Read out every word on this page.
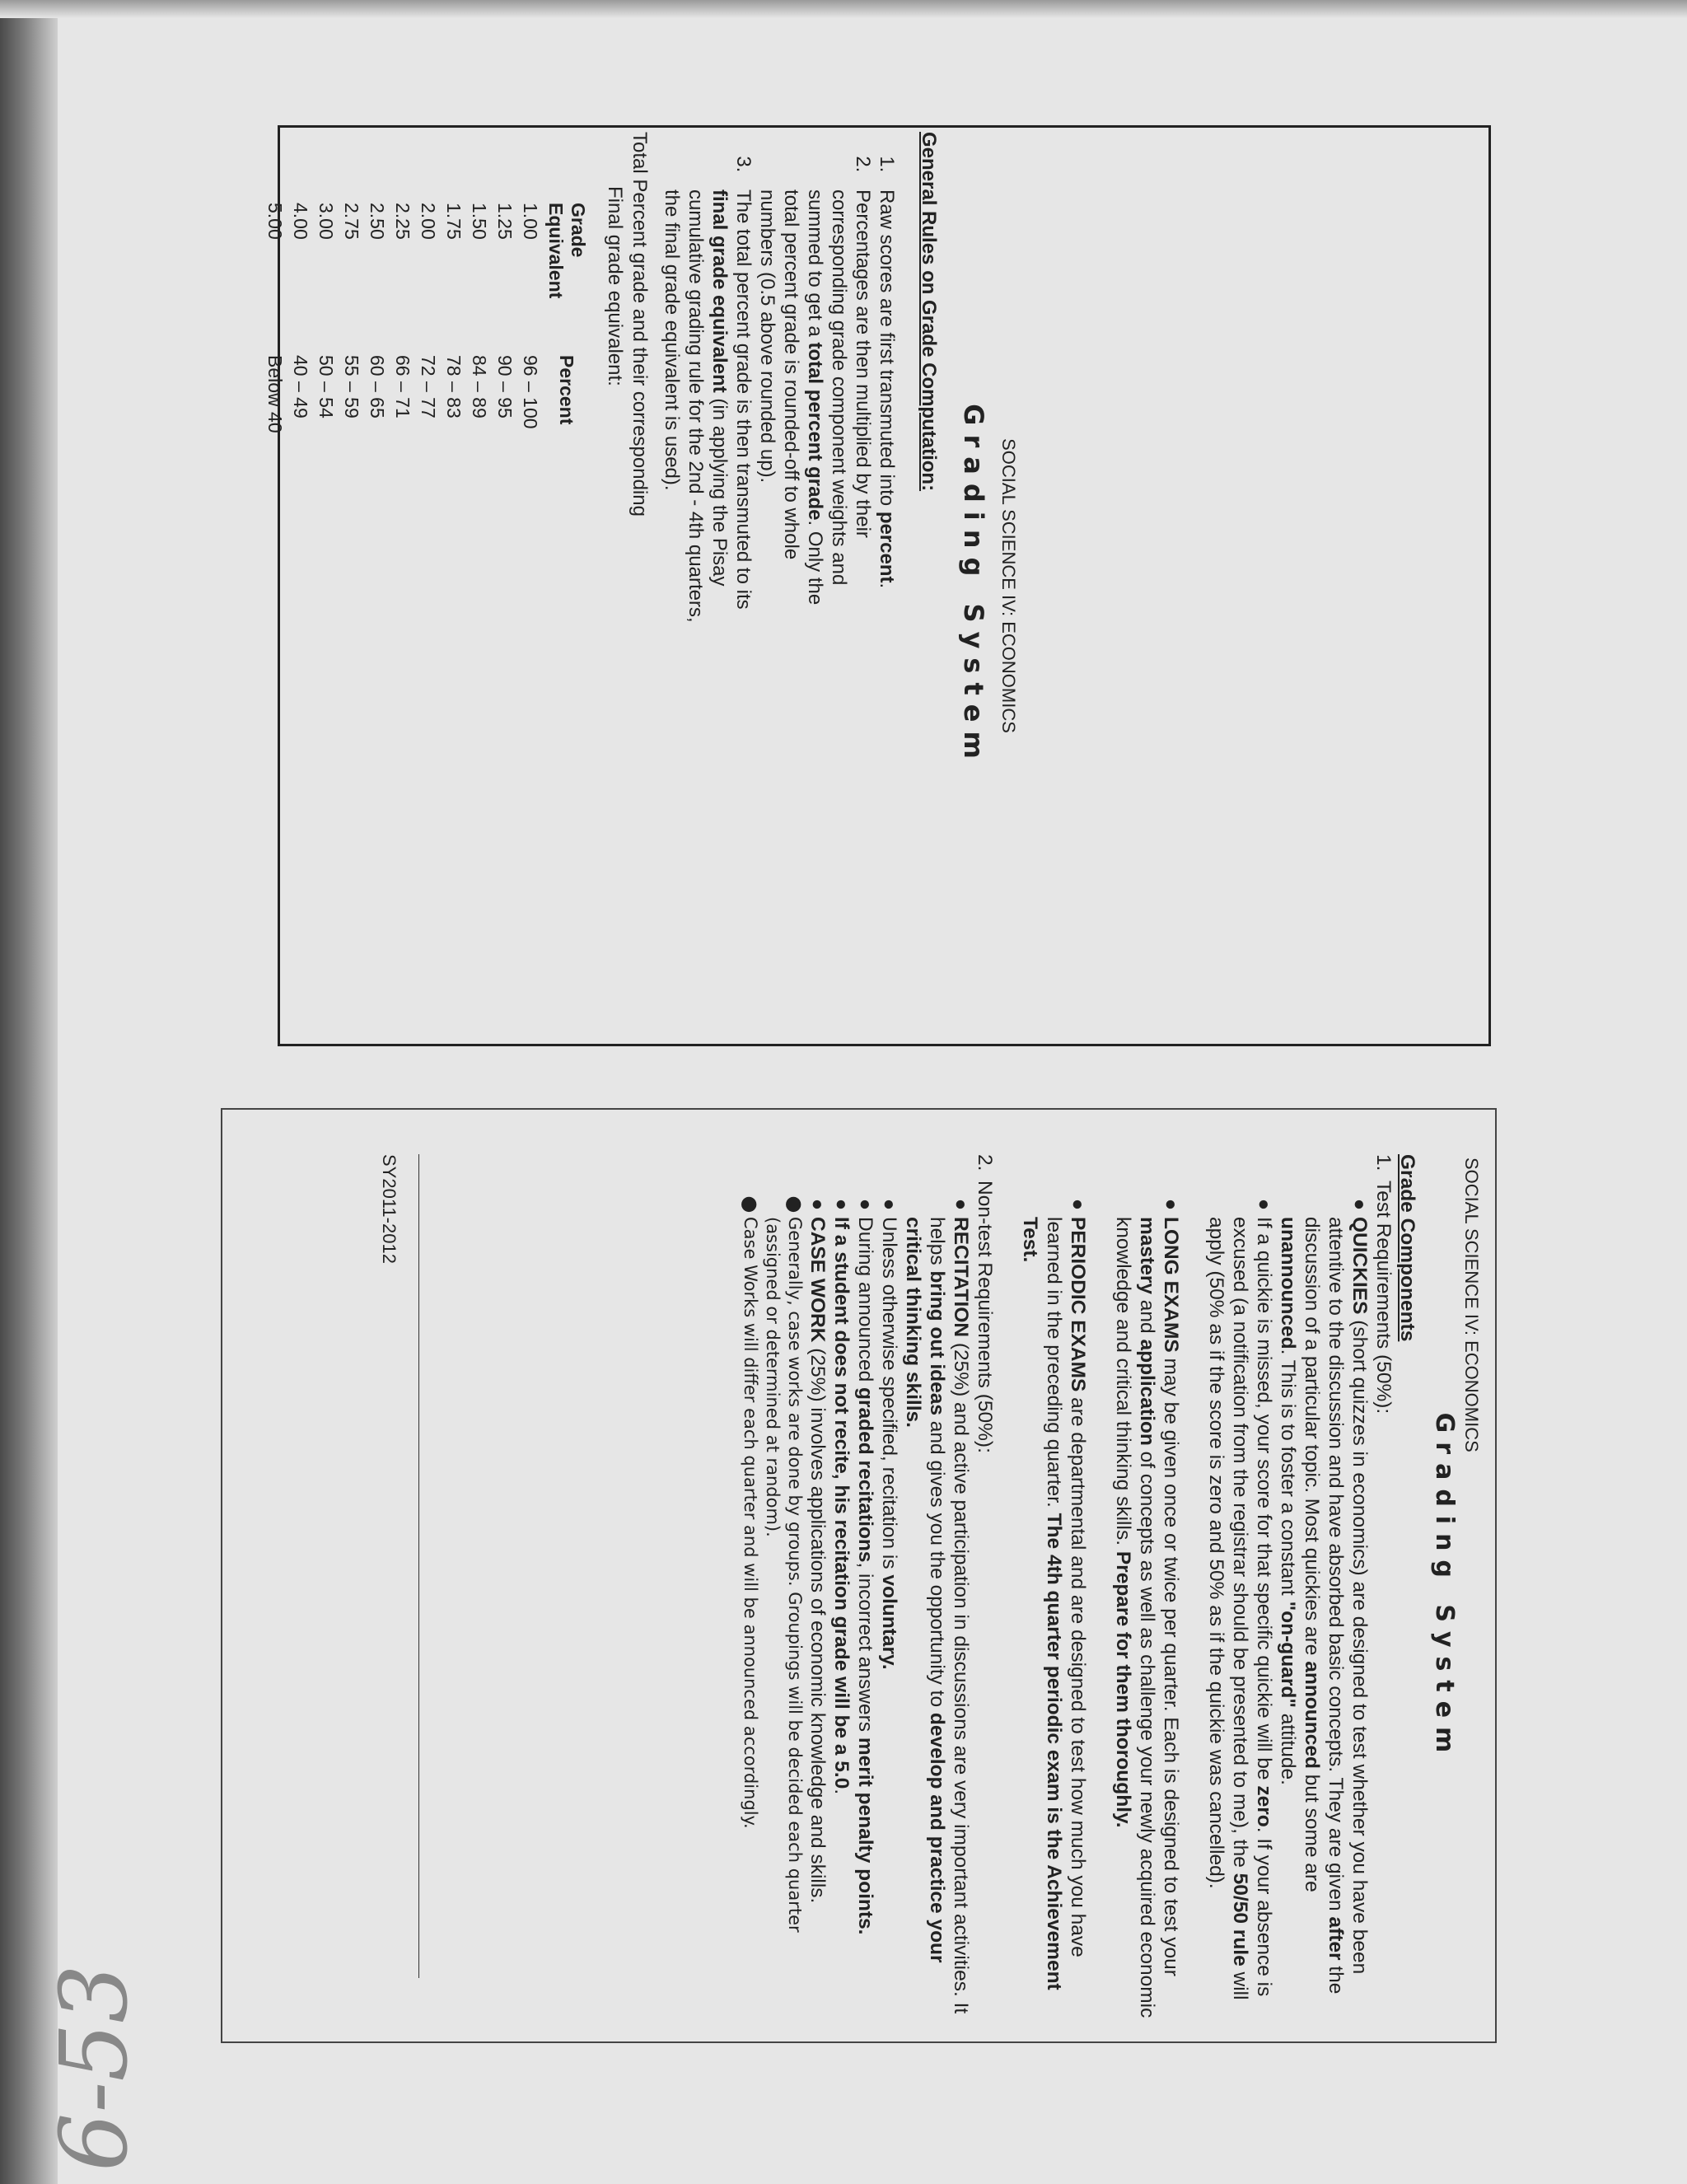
6-53
SOCIAL SCIENCE IV: ECONOMICS
Grading System
General Rules on Grade Computation:
1. Raw scores are first transmuted into percent.
2. Percentages are then multiplied by their corresponding grade component weights and summed to get a total percent grade. Only the total percent grade is rounded-off to whole numbers (0.5 above rounded up).
3. The total percent grade is then transmuted to its final grade equivalent (in applying the Pisay cumulative grading rule for the 2nd - 4th quarters, the final grade equivalent is used).
Total Percent grade and their corresponding
Final grade equivalent:
Grade Equivalent	Percent
1.00	96 – 100
1.25	90 – 95
1.50	84 – 89
1.75	78 – 83
2.00	72 – 77
2.25	66 – 71
2.50	60 – 65
2.75	55 – 59
3.00	50 – 54
4.00	40 – 49
5.00	Below 40
SOCIAL SCIENCE IV: ECONOMICS
Grading System
Grade Components
1.
Test Requirements (50%):
●
QUICKIES (short quizzes in economics) are designed to test whether you have been attentive to the discussion and have absorbed basic concepts. They are given after the discussion of a particular topic. Most quickies are announced but some are unannounced. This is to foster a constant "on-guard" attitude.
●
If a quickie is missed, your score for that specific quickie will be zero. If your absence is excused (a notification from the registrar should be presented to me), the 50/50 rule will apply (50% as if the score is zero and 50% as if the quickie was cancelled).
●
LONG EXAMS may be given once or twice per quarter. Each is designed to test your mastery and application of concepts as well as challenge your newly acquired economic knowledge and critical thinking skills. Prepare for them thoroughly.
●
PERIODIC EXAMS are departmental and are designed to test how much you have learned in the preceding quarter. The 4th quarter periodic exam is the Achievement Test.
2.
Non-test Requirements (50%):
●
RECITATION (25%) and active participation in discussions are very important activities. It helps bring out ideas and gives you the opportunity to develop and practice your critical thinking skills.
●
Unless otherwise specified, recitation is voluntary.
●
During announced graded recitations, incorrect answers merit penalty points.
●
If a student does not recite, his recitation grade will be a 5.0.
●
CASE WORK (25%) involves applications of economic knowledge and skills.
●
Generally, case works are done by groups. Groupings will be decided each quarter (assigned or determined at random).
●
Case Works will differ each quarter and will be announced accordingly.
SY2011-2012
